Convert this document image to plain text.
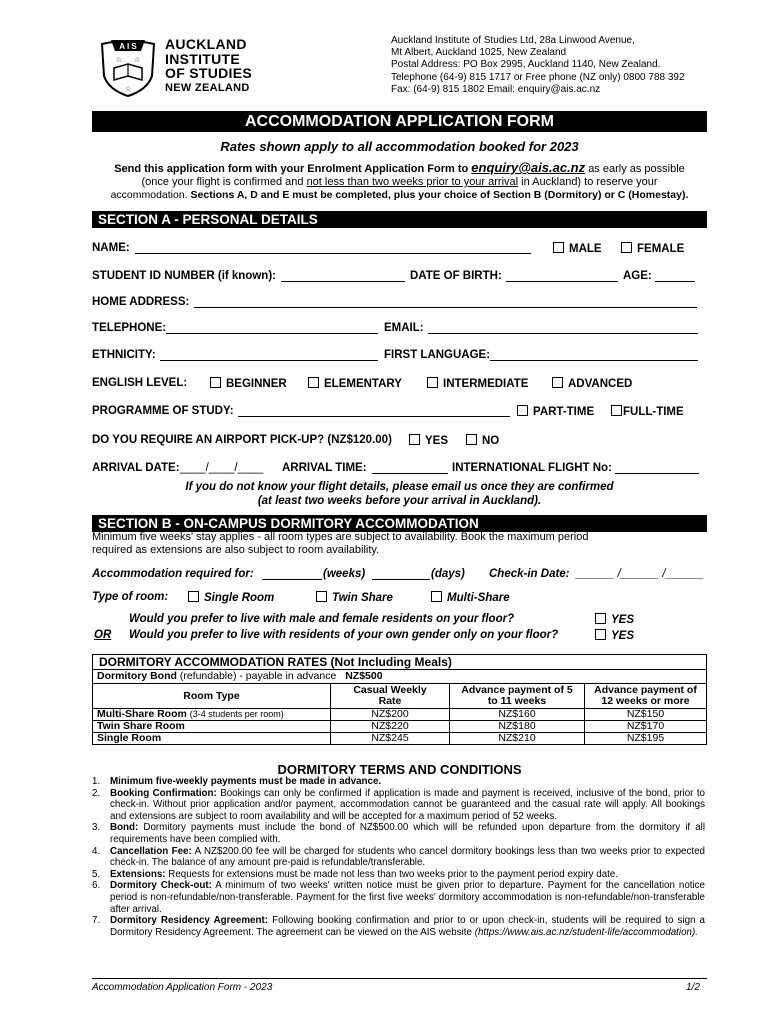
A I S
☆ ☆
☆
AUCKLAND
INSTITUTE
OF STUDIES
NEW ZEALAND
Auckland Institute of Studies Ltd, 28a Linwood Avenue,
Mt Albert, Auckland 1025, New Zealand
Postal Address: PO Box 2995, Auckland 1140, New Zealand.
Telephone (64-9) 815 1717 or Free phone (NZ only) 0800 788 392
Fax: (64-9) 815 1802 Email: enquiry@ais.ac.nz
ACCOMMODATION APPLICATION FORM
Rates shown apply to all accommodation booked for 2023
Send this application form with your Enrolment Application Form to enquiry@ais.ac.nz as early as possible
(once your flight is confirmed and not less than two weeks prior to your arrival in Auckland) to reserve your
accommodation. Sections A, D and E must be completed, plus your choice of Section B (Dormitory) or C (Homestay).
SECTION A - PERSONAL DETAILS
NAME:	MALE	FEMALE
STUDENT ID NUMBER (if known):	DATE OF BIRTH:	AGE:
HOME ADDRESS:
TELEPHONE:	EMAIL:
ETHNICITY:	FIRST LANGUAGE:
ENGLISH LEVEL:	BEGINNER	ELEMENTARY	INTERMEDIATE	ADVANCED
PROGRAMME OF STUDY:	PART-TIME	FULL-TIME
DO YOU REQUIRE AN AIRPORT PICK-UP? (NZ$120.00)	YES	NO
ARRIVAL DATE: ____/____/____ ARRIVAL TIME:	INTERNATIONAL FLIGHT No:
If you do not know your flight details, please email us once they are confirmed
(at least two weeks before your arrival in Auckland).
SECTION B - ON-CAMPUS DORMITORY ACCOMMODATION
Minimum five weeks' stay applies - all room types are subject to availability. Book the maximum period
required as extensions are also subject to room availability.
Accommodation required for:	(weeks)	(days) Check-in Date: ______ /______ /______
Type of room:	Single Room	Twin Share	Multi-Share
Would you prefer to live with male and female residents on your floor?	YES
OR Would you prefer to live with residents of your own gender only on your floor?	YES
DORMITORY ACCOMMODATION RATES (Not Including Meals)			
Dormitory Bond (refundable) - payable in advance NZ$500			
Room Type	Casual Weekly Rate	Advance payment of 5 to 11 weeks	Advance payment of 12 weeks or more
Multi-Share Room (3-4 students per room)	NZ$200	NZ$160	NZ$150
Twin Share Room	NZ$220	NZ$180	NZ$170
Single Room	NZ$245	NZ$210	NZ$195
DORMITORY TERMS AND CONDITIONS
1. Minimum five-weekly payments must be made in advance.
2. Booking Confirmation: Bookings can only be confirmed if application is made and payment is received, inclusive of the bond, prior to check-in. Without prior application and/or payment, accommodation cannot be guaranteed and the casual rate will apply. All bookings and extensions are subject to room availability and will be accepted for a maximum period of 52 weeks.
3. Bond: Dormitory payments must include the bond of NZ$500.00 which will be refunded upon departure from the dormitory if all requirements have been complied with.
4. Cancellation Fee: A NZ$200.00 fee will be charged for students who cancel dormitory bookings less than two weeks prior to expected check-in. The balance of any amount pre-paid is refundable/transferable.
5. Extensions: Requests for extensions must be made not less than two weeks prior to the payment period expiry date.
6. Dormitory Check-out: A minimum of two weeks' written notice must be given prior to departure. Payment for the cancellation notice period is non-refundable/non-transferable. Payment for the first five weeks' dormitory accommodation is non-refundable/non-transferable after arrival.
7. Dormitory Residency Agreement: Following booking confirmation and prior to or upon check-in, students will be required to sign a Dormitory Residency Agreement. The agreement can be viewed on the AIS website (https://www.ais.ac.nz/student-life/accommodation).
Accommodation Application Form - 2023	1/2
